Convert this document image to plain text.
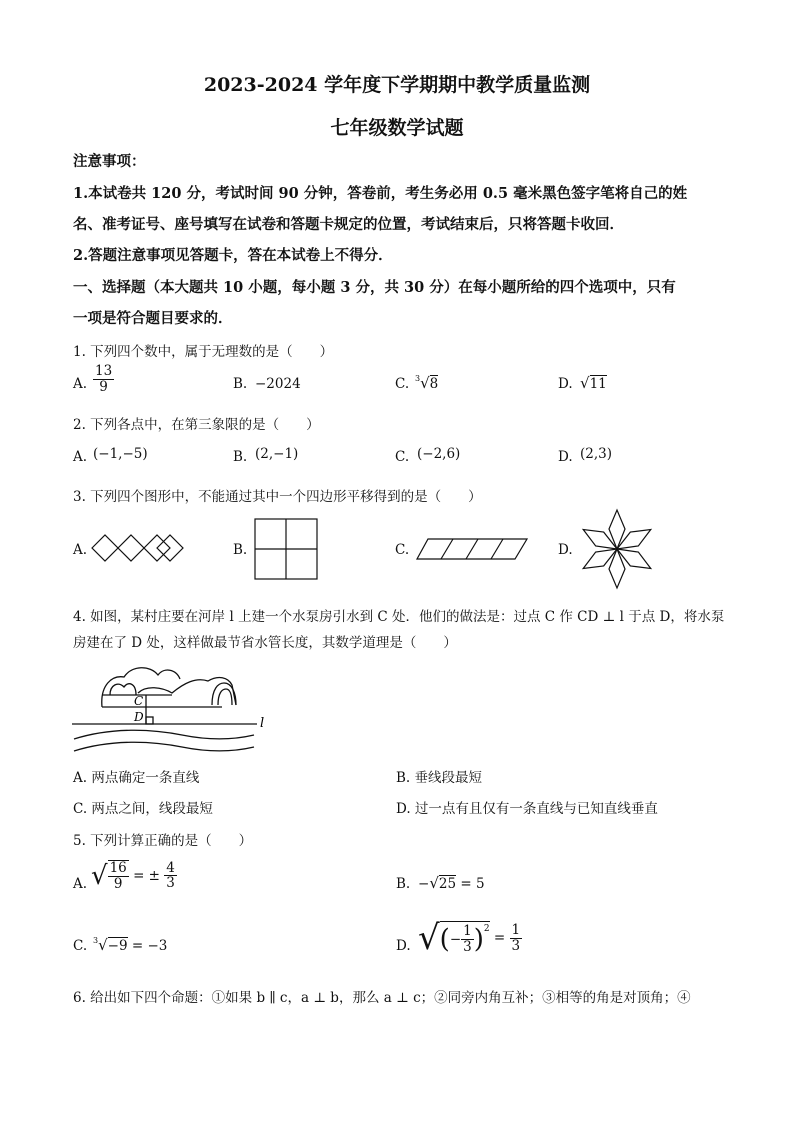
2023-2024 学年度下学期期中教学质量监测
七年级数学试题
注意事项：
1.本试卷共 120 分，考试时间 90 分钟，答卷前，考生务必用 0.5 毫米黑色签字笔将自己的姓
名、准考证号、座号填写在试卷和答题卡规定的位置，考试结束后，只将答题卡收回．
2.答题注意事项见答题卡，答在本试卷上不得分．
一、选择题（本大题共 10 小题，每小题 3 分，共 30 分）在每小题所给的四个选项中，只有
一项是符合题目要求的．
1. 下列四个数中，属于无理数的是（　　）
A. $\frac{13}{9}$	B. −2024	C. $^3$√8	D. √11
2. 下列各点中，在第三象限的是（　　）
A. (−1,−5)	B. (2,−1)	C. (−2,6)	D. (2,3)
3. 下列四个图形中，不能通过其中一个四边形平移得到的是（　　）
A.	B.	C.	D.
4. 如图，某村庄要在河岸 l 上建一个水泵房引水到 C 处．他们的做法是：过点 C 作 CD ⊥ l 于点 D，将水泵
房建在了 D 处，这样做最节省水管长度，其数学道理是（　　）
C
D	l
A. 两点确定一条直线	B. 垂线段最短
C. 两点之间，线段最短	D. 过一点有且仅有一条直线与已知直线垂直
5. 下列计算正确的是（　　）
A. √ $\frac{16}{9}$ = ± $\frac{4}{3}$	B. −√25 = 5
C. $^3$√−9 = −3	D. √(− $\frac{1}{3} )^2 = \frac{1}{3}$
6. 给出如下四个命题：①如果 b ∥ c，a ⊥ b，那么 a ⊥ c；②同旁内角互补；③相等的角是对顶角；④
